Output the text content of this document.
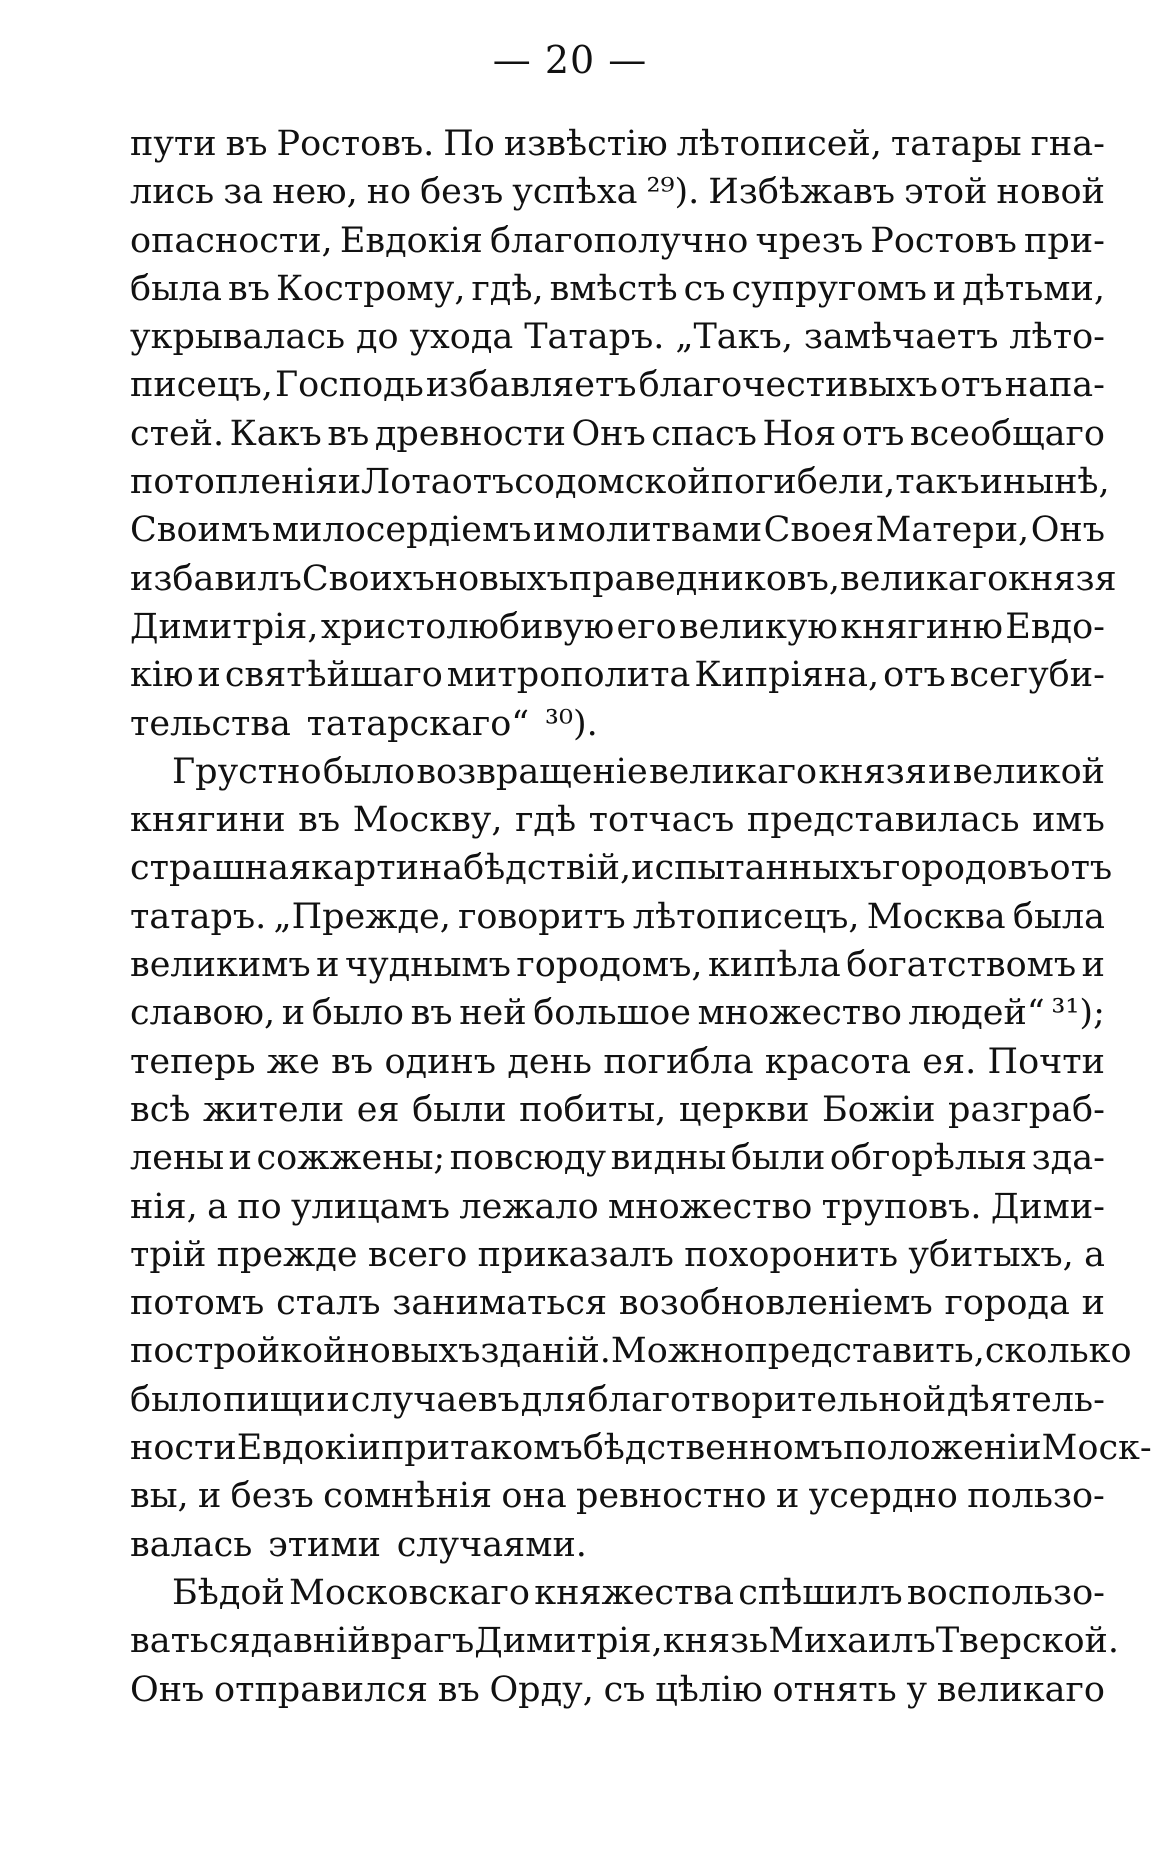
— 20 —
пути въ Ростовъ. По извѣстію лѣтописей, татары гна-
лись за нею, но безъ успѣха ²⁹). Избѣжавъ этой новой
опасности, Евдокія благополучно чрезъ Ростовъ при-
была въ Кострому, гдѣ, вмѣстѣ съ супругомъ и дѣтьми,
укрывалась до ухода Татаръ. „Такъ, замѣчаетъ лѣто-
писецъ, Господь избавляетъ благочестивыхъ отъ напа-
стей. Какъ въ древности Онъ спасъ Ноя отъ всеобщаго
потопленія и Лота отъ содомской погибели, такъ и нынѣ,
Своимъ милосердіемъ и молитвами Своея Матери, Онъ
избавилъ Своихъ новыхъ праведниковъ, великаго князя
Димитрія, христолюбивую его великую княгиню Евдо-
кію и святѣйшаго митрополита Кипріяна, отъ всегуби-
тельства татарскаго“ ³⁰).
Грустно было возвращеніе великаго князя и великой
княгини въ Москву, гдѣ тотчасъ представилась имъ
страшная картина бѣдствій, испытанныхъ городовъ отъ
татаръ. „Прежде, говоритъ лѣтописецъ, Москва была
великимъ и чуднымъ городомъ, кипѣла богатствомъ и
славою, и было въ ней большое множество людей“ ³¹);
теперь же въ одинъ день погибла красота ея. Почти
всѣ жители ея были побиты, церкви Божіи разграб-
лены и сожжены; повсюду видны были обгорѣлыя зда-
нія, а по улицамъ лежало множество труповъ. Дими-
трій прежде всего приказалъ похоронить убитыхъ, а
потомъ сталъ заниматься возобновленіемъ города и
постройкой новыхъ зданій. Можно представить, сколько
было пищи и случаевъ для благотворительной дѣятель-
ности Евдокіи при такомъ бѣдственномъ положеніи Моск-
вы, и безъ сомнѣнія она ревностно и усердно пользо-
валась этими случаями.
Бѣдой Московскаго княжества спѣшилъ воспользо-
ваться давній врагъ Димитрія, князь Михаилъ Тверской.
Онъ отправился въ Орду, съ цѣлію отнять у великаго
